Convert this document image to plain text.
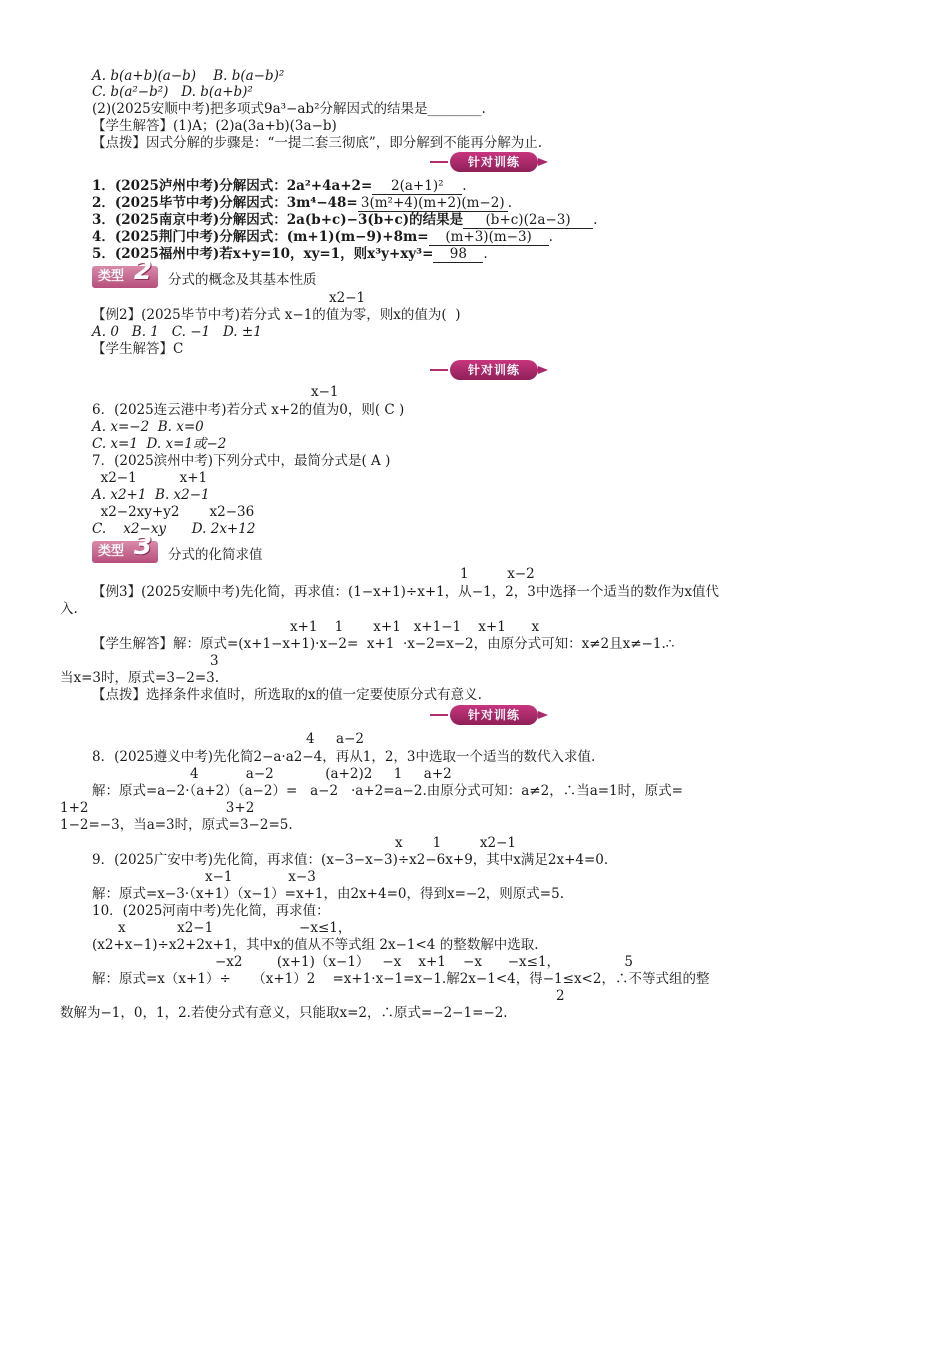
A. b(a+b)(a−b)    B. b(a−b)²
C. b(a²−b²)   D. b(a+b)²
(2)(2025安顺中考)把多项式9a³−ab²分解因式的结果是________.
【学生解答】(1)A；(2)a(3a+b)(3a−b)
【点拨】因式分解的步骤是：“一提二套三彻底”，即分解到不能再分解为止.
针对训练
1．(2025泸州中考)分解因式：2a²+4a+2= 2(a+1)² .
2．(2025毕节中考)分解因式：3m⁴−48= 3(m²+4)(m+2)(m−2) .
3．(2025南京中考)分解因式：2a(b+c)−3(b+c)的结果是 (b+c)(2a−3) .
4．(2025荆门中考)分解因式：(m+1)(m−9)+8m= (m+3)(m−3) .
5．(2025福州中考)若x+y=10，xy=1，则x³y+xy³= 98 .
类型 2 分式的概念及其基本性质
x2−1
【例2】(2025毕节中考)若分式 x−1的值为零，则x的值为(  )
A. 0   B. 1   C. −1   D. ±1
【学生解答】C
针对训练
x−1
6．(2025连云港中考)若分式 x+2的值为0，则( C )
A. x=−2  B. x=0
C. x=1  D. x=1或−2
7．(2025滨州中考)下列分式中，最简分式是( A )
x2−1          x+1
A. x2+1  B. x2−1
x2−2xy+y2       x2−36
C.    x2−xy      D. 2x+12
类型 3 分式的化简求值
1         x−2
【例3】(2025安顺中考)先化简，再求值：(1−x+1)÷x+1，从−1，2，3中选择一个适当的数作为x值代
入.
x+1    1       x+1   x+1−1    x+1      x
【学生解答】解：原式=(x+1−x+1)·x−2=  x+1  ·x−2=x−2，由原分式可知：x≠2且x≠−1.∴
3
当x=3时，原式=3−2=3.
【点拨】选择条件求值时，所选取的x的值一定要使原分式有意义.
针对训练
4     a−2
8．(2025遵义中考)先化简2−a·a2−4，再从1，2，3中选取一个适当的数代入求值.
4           a−2            (a+2)2     1     a+2
解：原式=a−2·（a+2）（a−2）=   a−2   ·a+2=a−2.由原分式可知：a≠2，∴当a=1时，原式=
1+2                                3+2
1−2=−3，当a=3时，原式=3−2=5.
x       1         x2−1
9．(2025广安中考)先化简，再求值：(x−3−x−3)÷x2−6x+9，其中x满足2x+4=0.
x−1             x−3
解：原式=x−3·（x+1）（x−1）=x+1，由2x+4=0，得到x=−2，则原式=5.
10．(2025河南中考)先化简，再求值：
x            x2−1                    −x≤1，
(x2+x−1)÷x2+2x+1，其中x的值从不等式组 2x−1<4 的整数解中选取.
−x2        (x+1)（x−1）   −x    x+1    −x      −x≤1，               5
解：原式=x（x+1）÷     （x+1）2    =x+1·x−1=x−1.解2x−1<4，得−1≤x<2，∴不等式组的整
2
数解为−1，0，1，2.若使分式有意义，只能取x=2，∴原式=−2−1=−2.
